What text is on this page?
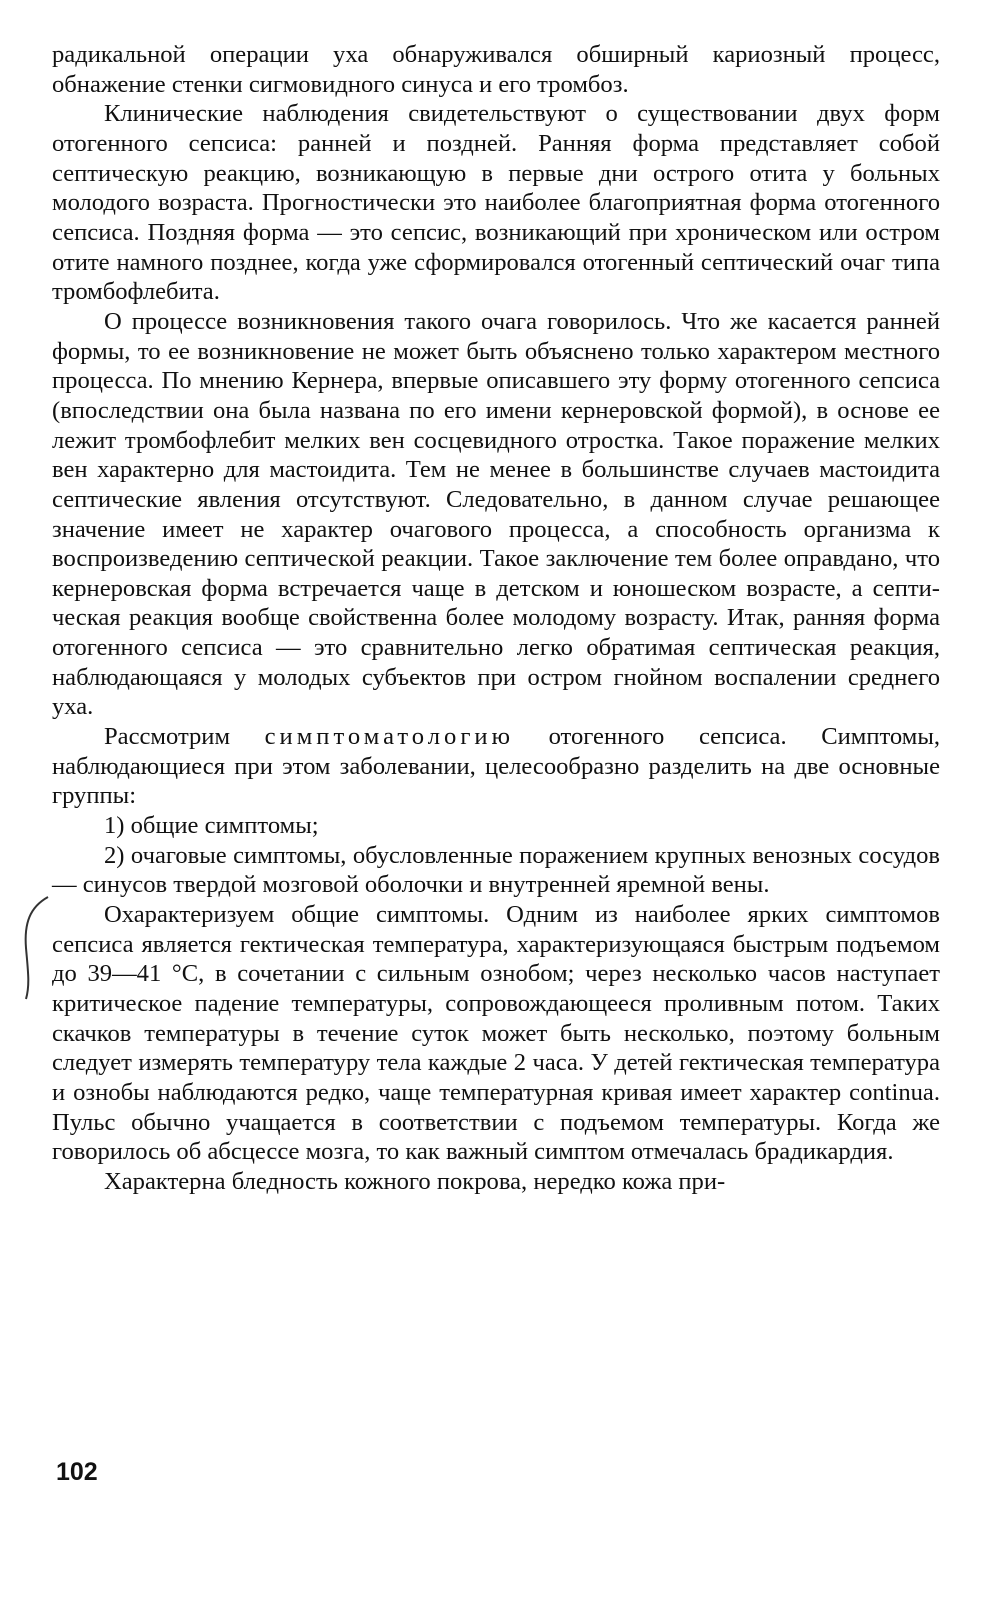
радикальной операции уха обнаруживался обширный кариозный процесс, обнажение стенки сигмовидного синуса и его тромбоз.

Клинические наблюдения свидетельствуют о существовании двух форм отогенного сепсиса: ранней и поздней. Ранняя форма представляет собой септическую реакцию, возникающую в первые дни острого отита у больных молодого возраста. Прогностически это наиболее благоприятная форма отогенного сепсиса. Поздняя форма — это сепсис, возникающий при хроническом или остром отите намного позднее, когда уже сформировался отогенный септический очаг типа тромбофлебита.

О процессе возникновения такого очага говорилось. Что же касается ранней формы, то ее возникновение не может быть объяснено только характером местного процесса. По мнению Кернера, впервые описавшего эту форму отогенного сепсиса (впоследствии она была названа по его имени кернеровской формой), в основе ее лежит тромбофлебит мелких вен сосцевидного отростка. Такое поражение мелких вен характерно для мастоидита. Тем не менее в большинстве случаев мастоидита септические явления отсутствуют. Следовательно, в данном случае решающее значение имеет не характер очагового процесса, а способность организма к воспроизведению септической реакции. Такое заключение тем более оправдано, что кернеровская форма встречается чаще в детском и юношеском возрасте, а септическая реакция вообще свойственна более молодому возрасту. Итак, ранняя форма отогенного сепсиса — это сравнительно легко обратимая септическая реакция, наблюдающаяся у молодых субъектов при остром гнойном воспалении среднего уха.

Рассмотрим симптоматологию отогенного сепсиса. Симптомы, наблюдающиеся при этом заболевании, целесообразно разделить на две основные группы:

1) общие симптомы;

2) очаговые симптомы, обусловленные поражением крупных венозных сосудов — синусов твердой мозговой оболочки и внутренней яремной вены.

Охарактеризуем общие симптомы. Одним из наиболее ярких симптомов сепсиса является гектическая температура, характеризующаяся быстрым подъемом до 39—41 °С, в сочетании с сильным ознобом; через несколько часов наступает критическое падение температуры, сопровождающееся проливным потом. Таких скачков температуры в течение суток может быть несколько, поэтому больным следует измерять температуру тела каждые 2 часа. У детей гектическая температура и ознобы наблюдаются редко, чаще температурная кривая имеет характер continua. Пульс обычно учащается в соответствии с подъемом температуры. Когда же говорилось об абсцессе мозга, то как важный симптом отмечалась брадикардия.

Характерна бледность кожного покрова, нередко кожа при-

102
